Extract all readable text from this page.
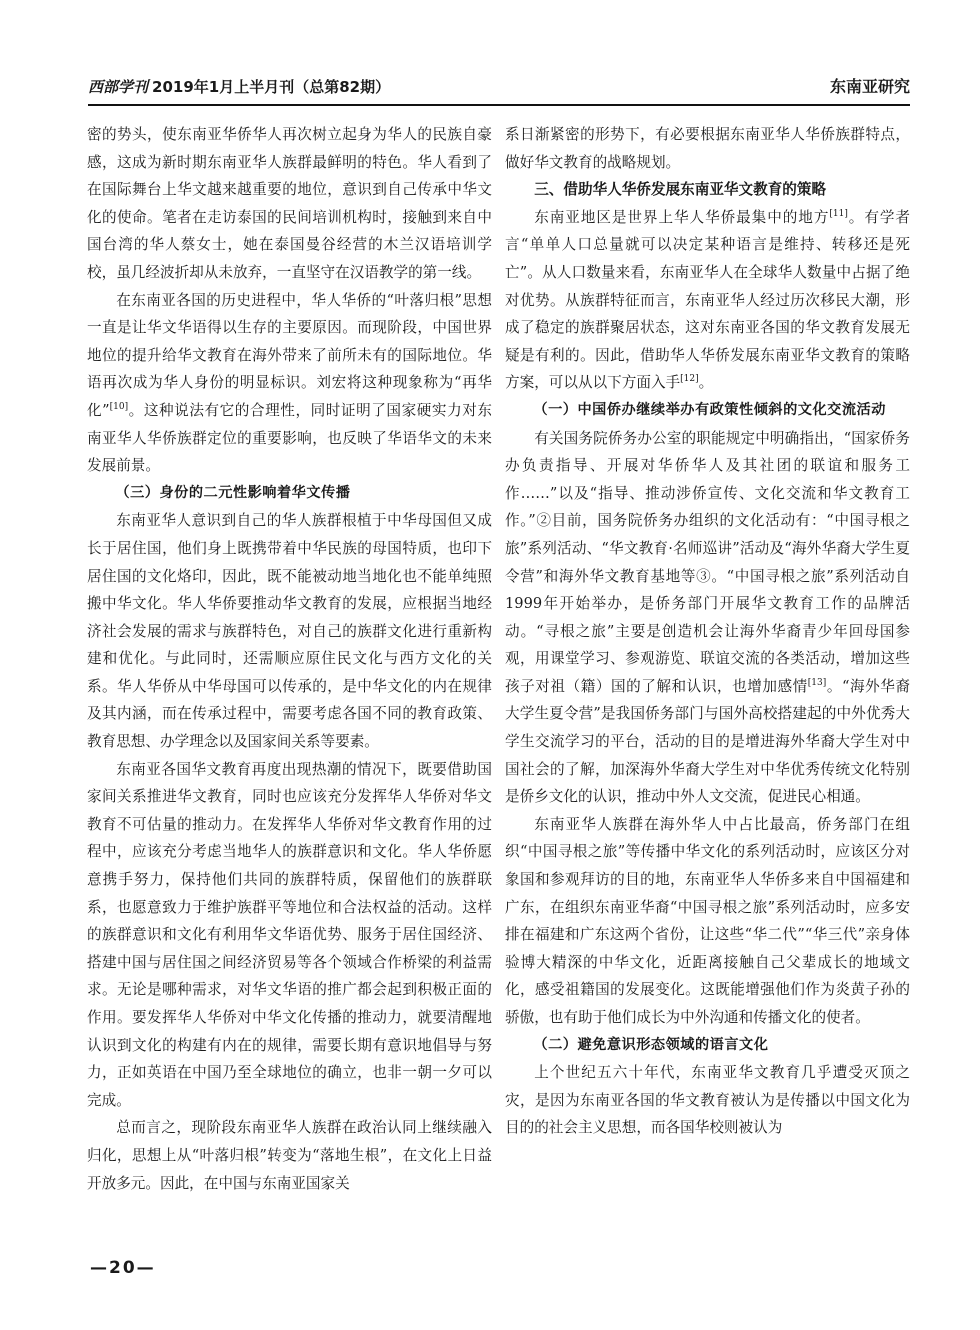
西部学刊 2019年1月上半月刊（总第82期）	东南亚研究

密的势头，使东南亚华侨华人再次树立起身为华人的民族自豪感，这成为新时期东南亚华人族群最鲜明的特色。华人看到了在国际舞台上华文越来越重要的地位，意识到自己传承中华文化的使命。笔者在走访泰国的民间培训机构时，接触到来自中国台湾的华人蔡女士，她在泰国曼谷经营的木兰汉语培训学校，虽几经波折却从未放弃，一直坚守在汉语教学的第一线。

在东南亚各国的历史进程中，华人华侨的“叶落归根”思想一直是让华文华语得以生存的主要原因。而现阶段，中国世界地位的提升给华文教育在海外带来了前所未有的国际地位。华语再次成为华人身份的明显标识。刘宏将这种现象称为“再华化”[10]。这种说法有它的合理性，同时证明了国家硬实力对东南亚华人华侨族群定位的重要影响，也反映了华语华文的未来发展前景。

（三）身份的二元性影响着华文传播

东南亚华人意识到自己的华人族群根植于中华母国但又成长于居住国，他们身上既携带着中华民族的母国特质，也印下居住国的文化烙印，因此，既不能被动地当地化也不能单纯照搬中华文化。华人华侨要推动华文教育的发展，应根据当地经济社会发展的需求与族群特色，对自己的族群文化进行重新构建和优化。与此同时，还需顺应原住民文化与西方文化的关系。华人华侨从中华母国可以传承的，是中华文化的内在规律及其内涵，而在传承过程中，需要考虑各国不同的教育政策、教育思想、办学理念以及国家间关系等要素。

东南亚各国华文教育再度出现热潮的情况下，既要借助国家间关系推进华文教育，同时也应该充分发挥华人华侨对华文教育不可估量的推动力。在发挥华人华侨对华文教育作用的过程中，应该充分考虑当地华人的族群意识和文化。华人华侨愿意携手努力，保持他们共同的族群特质，保留他们的族群联系，也愿意致力于维护族群平等地位和合法权益的活动。这样的族群意识和文化有利用华文华语优势、服务于居住国经济、搭建中国与居住国之间经济贸易等各个领域合作桥梁的利益需求。无论是哪种需求，对华文华语的推广都会起到积极正面的作用。要发挥华人华侨对中华文化传播的推动力，就要清醒地认识到文化的构建有内在的规律，需要长期有意识地倡导与努力，正如英语在中国乃至全球地位的确立，也非一朝一夕可以完成。

总而言之，现阶段东南亚华人族群在政治认同上继续融入归化，思想上从“叶落归根”转变为“落地生根”，在文化上日益开放多元。因此，在中国与东南亚国家关

系日渐紧密的形势下，有必要根据东南亚华人华侨族群特点，做好华文教育的战略规划。

三、借助华人华侨发展东南亚华文教育的策略

东南亚地区是世界上华人华侨最集中的地方[11]。有学者言“单单人口总量就可以决定某种语言是维持、转移还是死亡”。从人口数量来看，东南亚华人在全球华人数量中占据了绝对优势。从族群特征而言，东南亚华人经过历次移民大潮，形成了稳定的族群聚居状态，这对东南亚各国的华文教育发展无疑是有利的。因此，借助华人华侨发展东南亚华文教育的策略方案，可以从以下方面入手[12]。

（一）中国侨办继续举办有政策性倾斜的文化交流活动

有关国务院侨务办公室的职能规定中明确指出，“国家侨务办负责指导、开展对华侨华人及其社团的联谊和服务工作……”以及“指导、推动涉侨宣传、文化交流和华文教育工作。”②目前，国务院侨务办组织的文化活动有：“中国寻根之旅”系列活动、“华文教育·名师巡讲”活动及“海外华裔大学生夏令营”和海外华文教育基地等③。“中国寻根之旅”系列活动自1999年开始举办，是侨务部门开展华文教育工作的品牌活动。“寻根之旅”主要是创造机会让海外华裔青少年回母国参观，用课堂学习、参观游览、联谊交流的各类活动，增加这些孩子对祖（籍）国的了解和认识，也增加感情[13]。“海外华裔大学生夏令营”是我国侨务部门与国外高校搭建起的中外优秀大学生交流学习的平台，活动的目的是增进海外华裔大学生对中国社会的了解，加深海外华裔大学生对中华优秀传统文化特别是侨乡文化的认识，推动中外人文交流，促进民心相通。

东南亚华人族群在海外华人中占比最高，侨务部门在组织“中国寻根之旅”等传播中华文化的系列活动时，应该区分对象国和参观拜访的目的地，东南亚华人华侨多来自中国福建和广东，在组织东南亚华裔“中国寻根之旅”系列活动时，应多安排在福建和广东这两个省份，让这些“华二代”“华三代”亲身体验博大精深的中华文化，近距离接触自己父辈成长的地域文化，感受祖籍国的发展变化。这既能增强他们作为炎黄子孙的骄傲，也有助于他们成长为中外沟通和传播文化的使者。

（二）避免意识形态领域的语言文化

上个世纪五六十年代，东南亚华文教育几乎遭受灭顶之灾，是因为东南亚各国的华文教育被认为是传播以中国文化为目的的社会主义思想，而各国华校则被认为

—20—
